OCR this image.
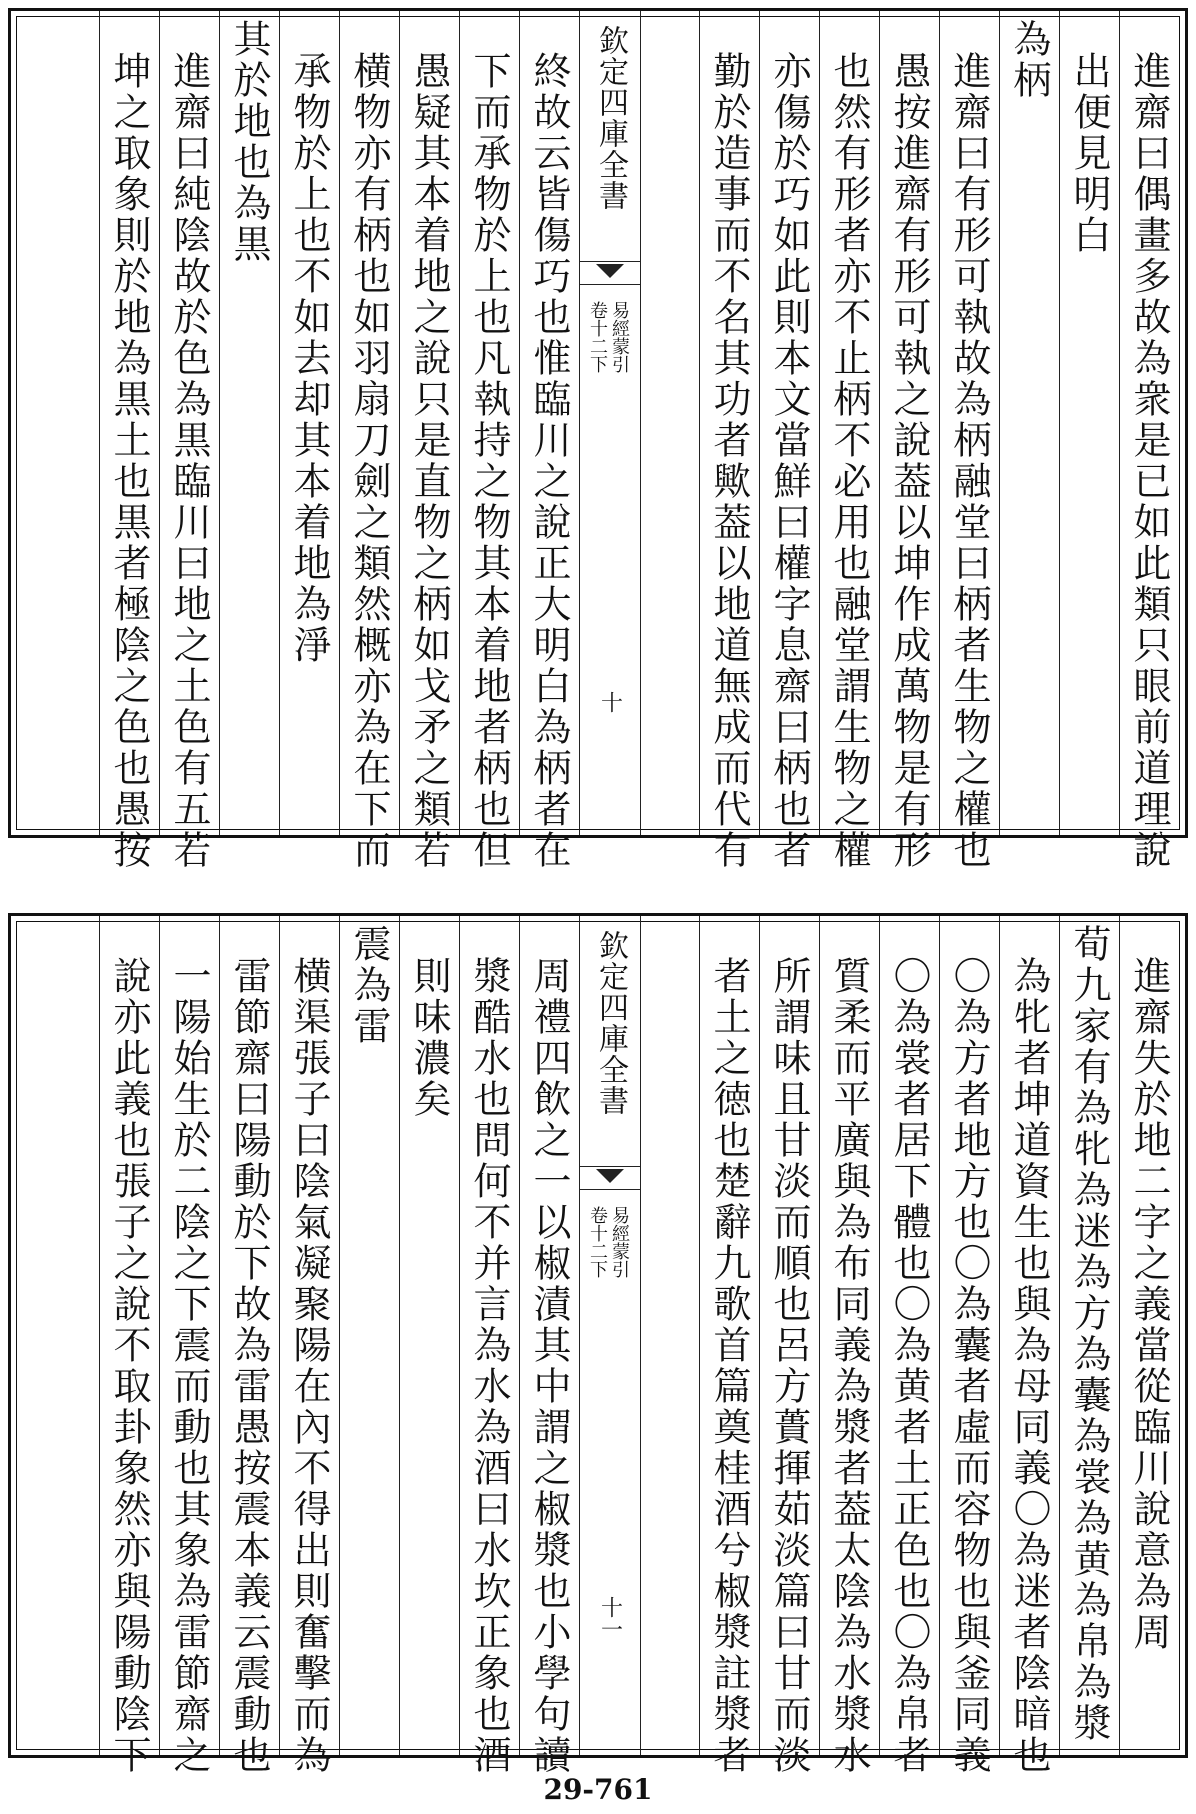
進齋曰偶畫多故為衆是已如此類只眼前道理說
出便見明白
為柄
進齋曰有形可執故為柄融堂曰柄者生物之權也
愚按進齋有形可執之說葢以坤作成萬物是有形
也然有形者亦不止柄不必用也融堂謂生物之權
亦傷於巧如此則本文當鮮曰權字息齋曰柄也者
勤於造事而不名其功者歟葢以地道無成而代有
欽定四庫全書
易經蒙引
卷十二下
十
終故云皆傷巧也惟臨川之說正大明白為柄者在
下而承物於上也凡執持之物其本着地者柄也但
愚疑其本着地之說只是直物之柄如戈矛之類若
横物亦有柄也如羽扇刀劍之類然概亦為在下而
承物於上也不如去却其本着地為淨
其於地也為黒
進齋曰純陰故於色為黒臨川曰地之土色有五若
坤之取象則於地為黒土也黒者極陰之色也愚按
進齋失於地二字之義當從臨川說意為周
荀九家有為牝為迷為方為囊為裳為黄為帛為漿
為牝者坤道資生也與為母同義〇為迷者陰暗也
〇為方者地方也〇為囊者虛而容物也與釜同義
〇為裳者居下體也〇為黄者土正色也〇為帛者
質柔而平廣與為布同義為漿者葢太陰為水漿水
所謂味且甘淡而順也呂方蕢揮茹淡篇曰甘而淡
者土之徳也楚辭九歌首篇奠桂酒兮椒漿註漿者
欽定四庫全書
易經蒙引
卷十二下
十一
周禮四飲之一以椒漬其中謂之椒漿也小學句讀
漿酷水也問何不并言為水為酒曰水坎正象也酒
則味濃矣
震為雷
横渠張子曰陰氣凝聚陽在內不得出則奮擊而為
雷節齋曰陽動於下故為雷愚按震本義云震動也
一陽始生於二陰之下震而動也其象為雷節齋之
說亦此義也張子之說不取卦象然亦與陽動陰下
29-761
